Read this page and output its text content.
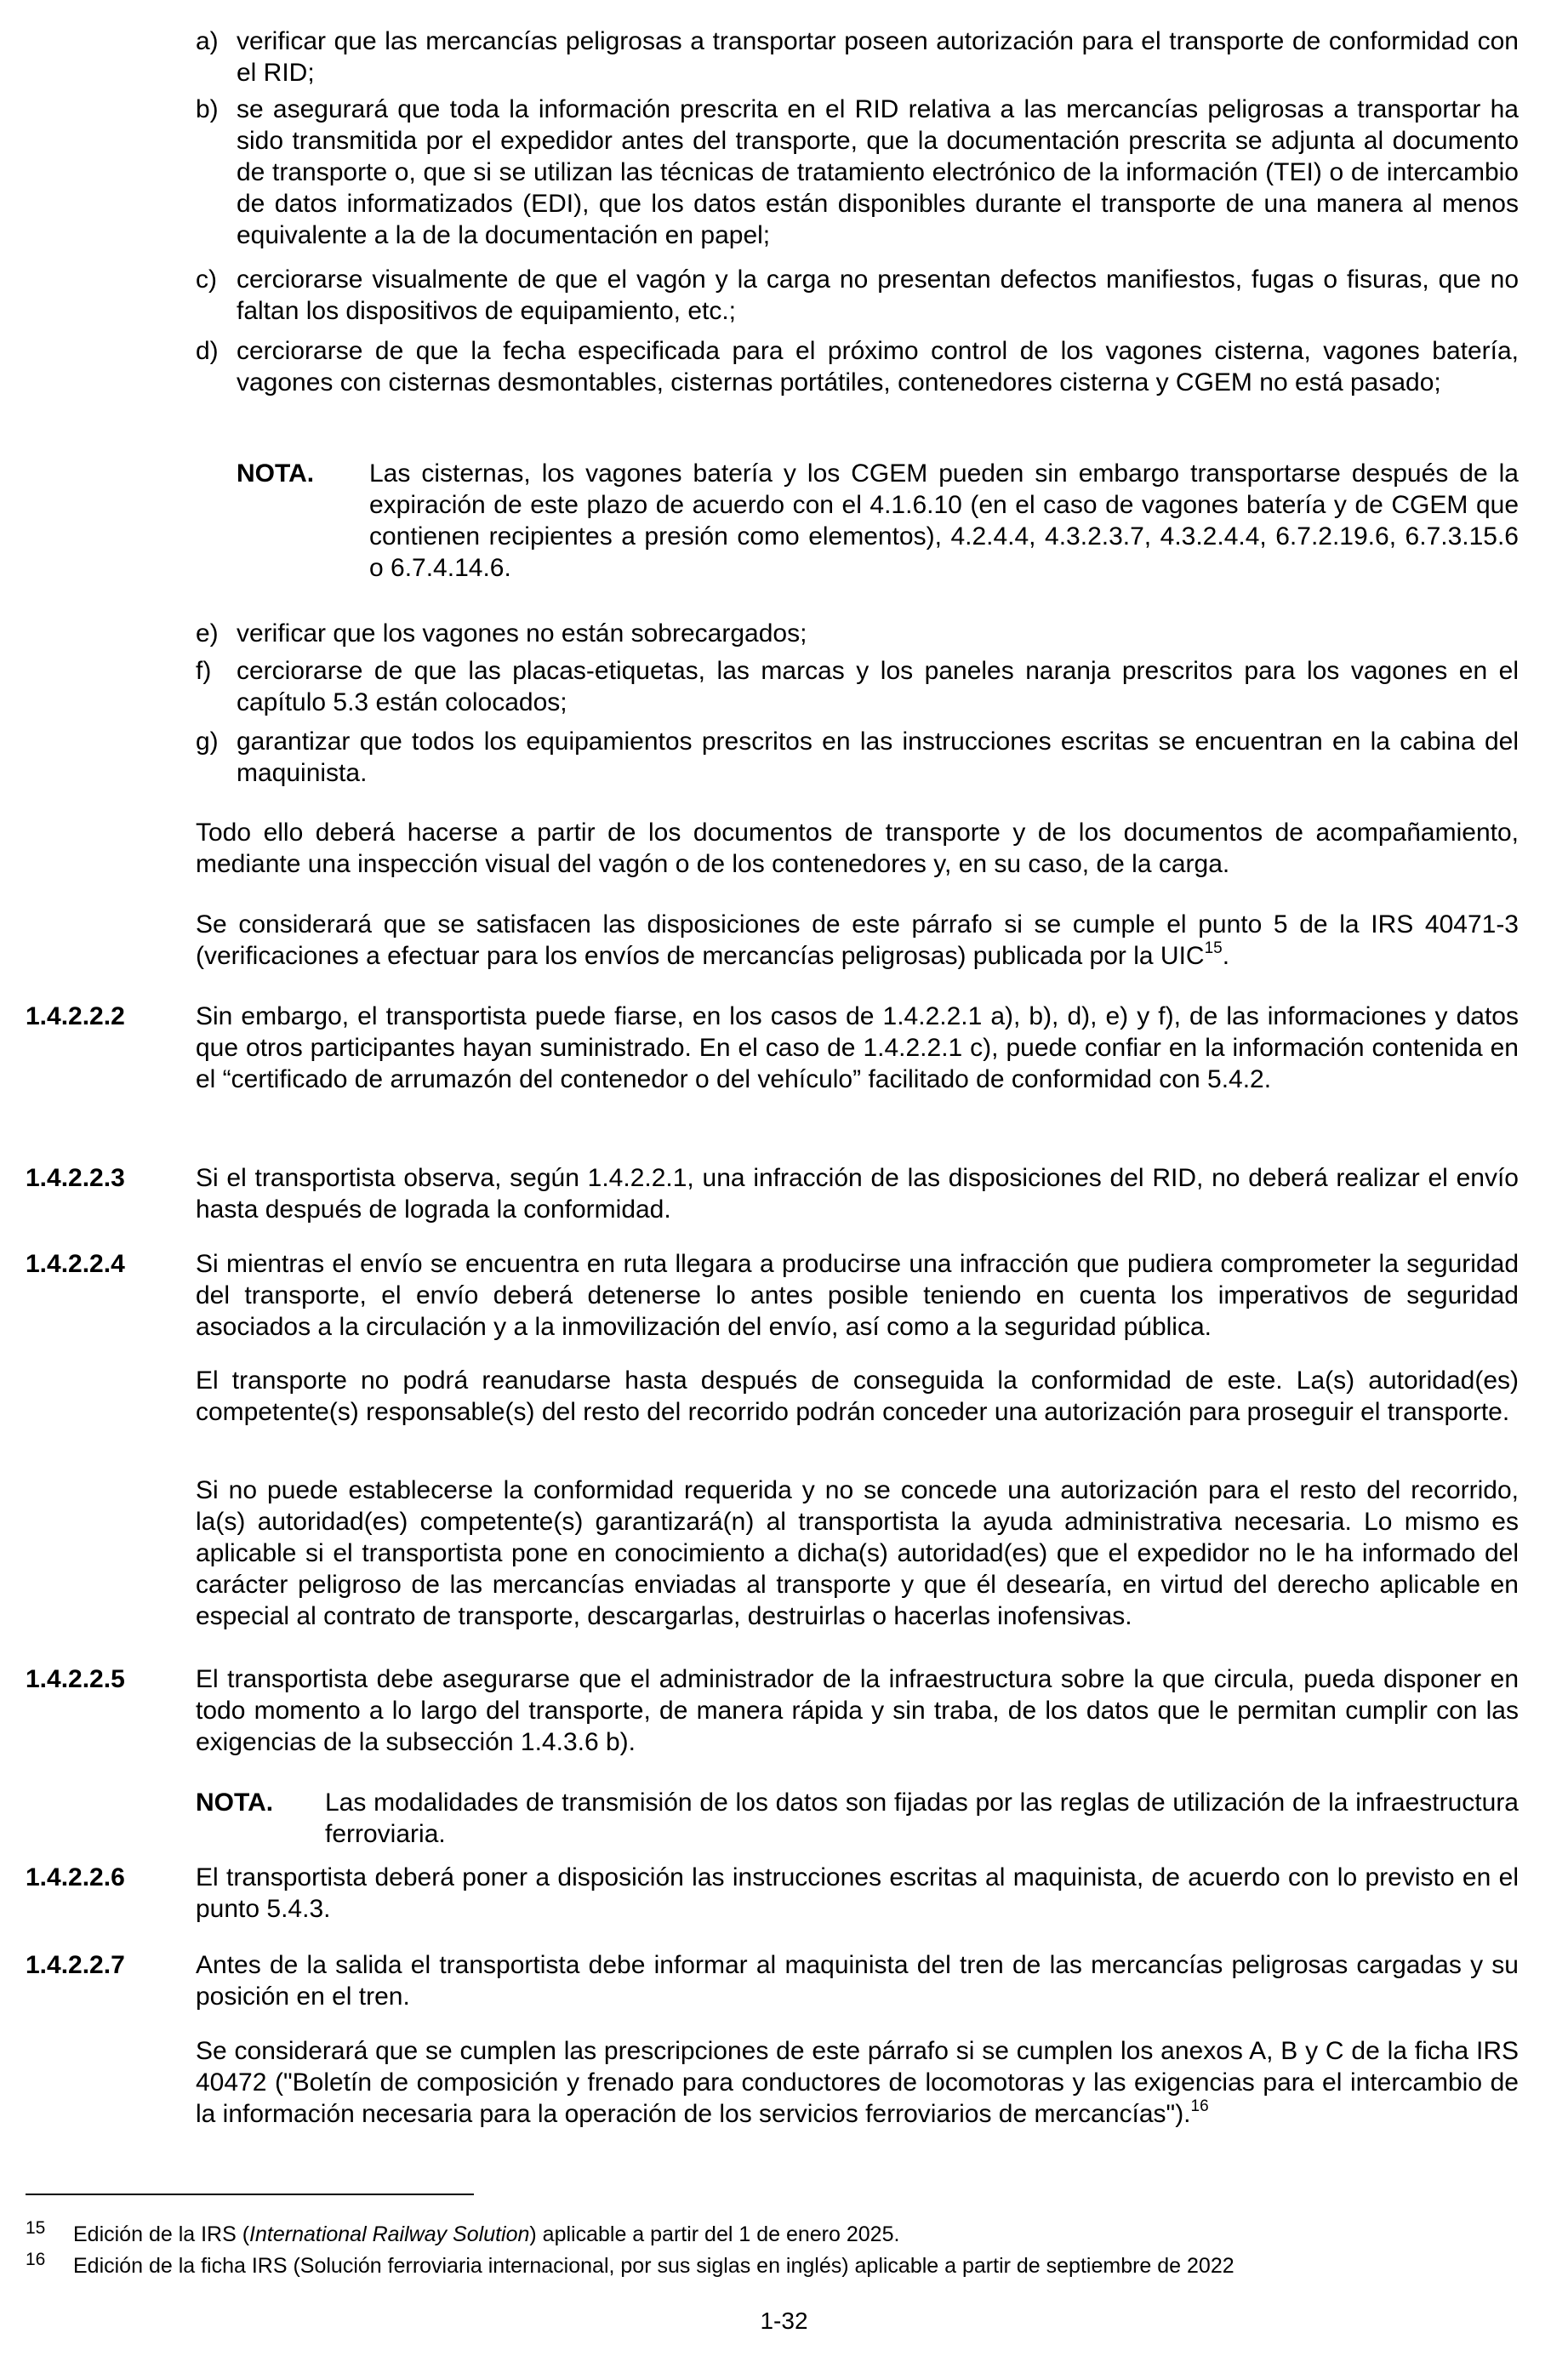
a) verificar que las mercancías peligrosas a transportar poseen autorización para el transporte de conformidad con el RID;
b) se asegurará que toda la información prescrita en el RID relativa a las mercancías peligrosas a transportar ha sido transmitida por el expedidor antes del transporte, que la documentación prescrita se adjunta al documento de transporte o, que si se utilizan las técnicas de tratamiento electrónico de la información (TEI) o de intercambio de datos informatizados (EDI), que los datos están disponibles durante el transporte de una manera al menos equivalente a la de la documentación en papel;
c) cerciorarse visualmente de que el vagón y la carga no presentan defectos manifiestos, fugas o fisuras, que no faltan los dispositivos de equipamiento, etc.;
d) cerciorarse de que la fecha especificada para el próximo control de los vagones cisterna, vagones batería, vagones con cisternas desmontables, cisternas portátiles, contenedores cisterna y CGEM no está pasado;
NOTA.	Las cisternas, los vagones batería y los CGEM pueden sin embargo transportarse después de la expiración de este plazo de acuerdo con el 4.1.6.10 (en el caso de vagones batería y de CGEM que contienen recipientes a presión como elementos), 4.2.4.4, 4.3.2.3.7, 4.3.2.4.4, 6.7.2.19.6, 6.7.3.15.6 o 6.7.4.14.6.
e) verificar que los vagones no están sobrecargados;
f) cerciorarse de que las placas-etiquetas, las marcas y los paneles naranja prescritos para los vagones en el capítulo 5.3 están colocados;
g) garantizar que todos los equipamientos prescritos en las instrucciones escritas se encuentran en la cabina del maquinista.
Todo ello deberá hacerse a partir de los documentos de transporte y de los documentos de acompañamiento, mediante una inspección visual del vagón o de los contenedores y, en su caso, de la carga.
Se considerará que se satisfacen las disposiciones de este párrafo si se cumple el punto 5 de la IRS 40471-3 (verificaciones a efectuar para los envíos de mercancías peligrosas) publicada por la UIC$^{15}$.
1.4.2.2.2	Sin embargo, el transportista puede fiarse, en los casos de 1.4.2.2.1 a), b), d), e) y f), de las informaciones y datos que otros participantes hayan suministrado. En el caso de 1.4.2.2.1 c), puede confiar en la información contenida en el “certificado de arrumazón del contenedor o del vehículo” facilitado de conformidad con 5.4.2.
1.4.2.2.3	Si el transportista observa, según 1.4.2.2.1, una infracción de las disposiciones del RID, no deberá realizar el envío hasta después de lograda la conformidad.
1.4.2.2.4	Si mientras el envío se encuentra en ruta llegara a producirse una infracción que pudiera comprometer la seguridad del transporte, el envío deberá detenerse lo antes posible teniendo en cuenta los imperativos de seguridad asociados a la circulación y a la inmovilización del envío, así como a la seguridad pública.
El transporte no podrá reanudarse hasta después de conseguida la conformidad de este. La(s) autoridad(es) competente(s) responsable(s) del resto del recorrido podrán conceder una autorización para proseguir el transporte.
Si no puede establecerse la conformidad requerida y no se concede una autorización para el resto del recorrido, la(s) autoridad(es) competente(s) garantizará(n) al transportista la ayuda administrativa necesaria. Lo mismo es aplicable si el transportista pone en conocimiento a dicha(s) autoridad(es) que el expedidor no le ha informado del carácter peligroso de las mercancías enviadas al transporte y que él desearía, en virtud del derecho aplicable en especial al contrato de transporte, descargarlas, destruirlas o hacerlas inofensivas.
1.4.2.2.5	El transportista debe asegurarse que el administrador de la infraestructura sobre la que circula, pueda disponer en todo momento a lo largo del transporte, de manera rápida y sin traba, de los datos que le permitan cumplir con las exigencias de la subsección 1.4.3.6 b).
NOTA.	Las modalidades de transmisión de los datos son fijadas por las reglas de utilización de la infraestructura ferroviaria.
1.4.2.2.6	El transportista deberá poner a disposición las instrucciones escritas al maquinista, de acuerdo con lo previsto en el punto 5.4.3.
1.4.2.2.7	Antes de la salida el transportista debe informar al maquinista del tren de las mercancías peligrosas cargadas y su posición en el tren.
Se considerará que se cumplen las prescripciones de este párrafo si se cumplen los anexos A, B y C de la ficha IRS 40472 ("Boletín de composición y frenado para conductores de locomotoras y las exigencias para el intercambio de la información necesaria para la operación de los servicios ferroviarios de mercancías").$^{16}$
15	Edición de la IRS (International Railway Solution) aplicable a partir del 1 de enero 2025.
16	Edición de la ficha IRS (Solución ferroviaria internacional, por sus siglas en inglés) aplicable a partir de septiembre de 2022
1-32
